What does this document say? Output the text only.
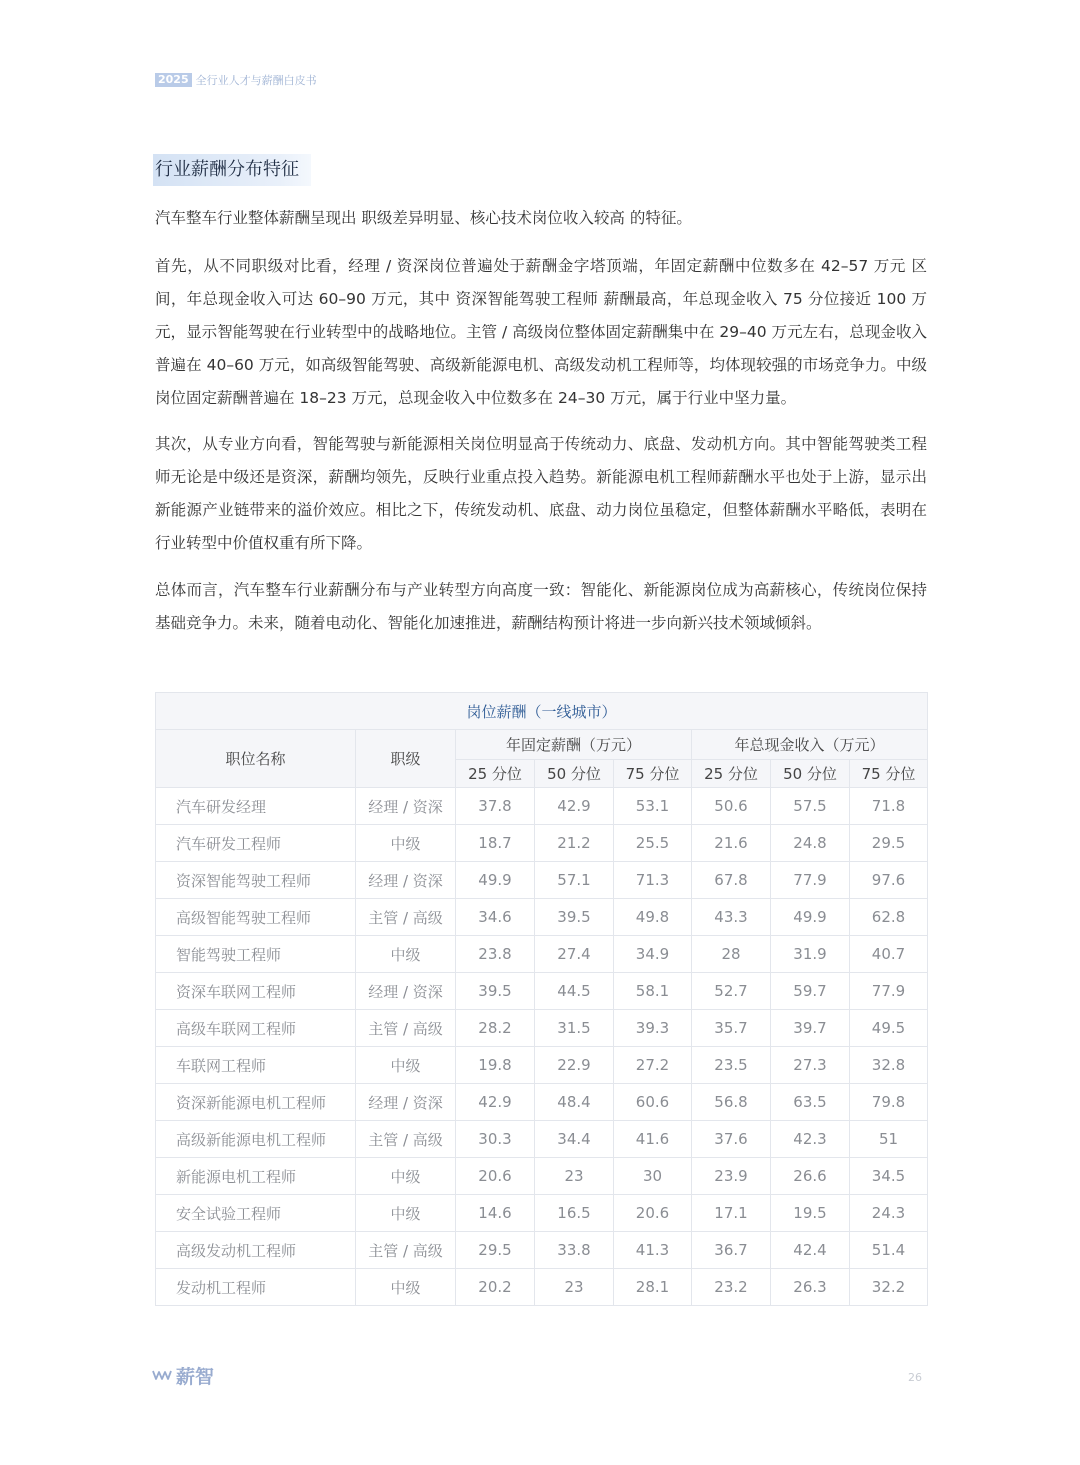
2025 全行业人才与薪酬白皮书
行业薪酬分布特征

汽车整车行业整体薪酬呈现出 职级差异明显、核心技术岗位收入较高 的特征。

首先，从不同职级对比看，经理 / 资深岗位普遍处于薪酬金字塔顶端，年固定薪酬中位数多在 42–57 万元 区间，年总现金收入可达 60–90 万元，其中 资深智能驾驶工程师 薪酬最高，年总现金收入 75 分位接近 100 万元，显示智能驾驶在行业转型中的战略地位。主管 / 高级岗位整体固定薪酬集中在 29–40 万元左右，总现金收入普遍在 40–60 万元，如高级智能驾驶、高级新能源电机、高级发动机工程师等，均体现较强的市场竞争力。中级岗位固定薪酬普遍在 18–23 万元，总现金收入中位数多在 24–30 万元，属于行业中坚力量。

其次，从专业方向看，智能驾驶与新能源相关岗位明显高于传统动力、底盘、发动机方向。其中智能驾驶类工程师无论是中级还是资深，薪酬均领先，反映行业重点投入趋势。新能源电机工程师薪酬水平也处于上游，显示出新能源产业链带来的溢价效应。相比之下，传统发动机、底盘、动力岗位虽稳定，但整体薪酬水平略低，表明在行业转型中价值权重有所下降。

总体而言，汽车整车行业薪酬分布与产业转型方向高度一致：智能化、新能源岗位成为高薪核心，传统岗位保持基础竞争力。未来，随着电动化、智能化加速推进，薪酬结构预计将进一步向新兴技术领域倾斜。

岗位薪酬（一线城市）							
职位名称	职级	年固定薪酬（万元）			年总现金收入（万元）		
		25 分位	50 分位	75 分位	25 分位	50 分位	75 分位
汽车研发经理	经理 / 资深	37.8	42.9	53.1	50.6	57.5	71.8
汽车研发工程师	中级	18.7	21.2	25.5	21.6	24.8	29.5
资深智能驾驶工程师	经理 / 资深	49.9	57.1	71.3	67.8	77.9	97.6
高级智能驾驶工程师	主管 / 高级	34.6	39.5	49.8	43.3	49.9	62.8
智能驾驶工程师	中级	23.8	27.4	34.9	28	31.9	40.7
资深车联网工程师	经理 / 资深	39.5	44.5	58.1	52.7	59.7	77.9
高级车联网工程师	主管 / 高级	28.2	31.5	39.3	35.7	39.7	49.5
车联网工程师	中级	19.8	22.9	27.2	23.5	27.3	32.8
资深新能源电机工程师	经理 / 资深	42.9	48.4	60.6	56.8	63.5	79.8
高级新能源电机工程师	主管 / 高级	30.3	34.4	41.6	37.6	42.3	51
新能源电机工程师	中级	20.6	23	30	23.9	26.6	34.5
安全试验工程师	中级	14.6	16.5	20.6	17.1	19.5	24.3
高级发动机工程师	主管 / 高级	29.5	33.8	41.3	36.7	42.4	51.4
发动机工程师	中级	20.2	23	28.1	23.2	26.3	32.2
薪智	26
